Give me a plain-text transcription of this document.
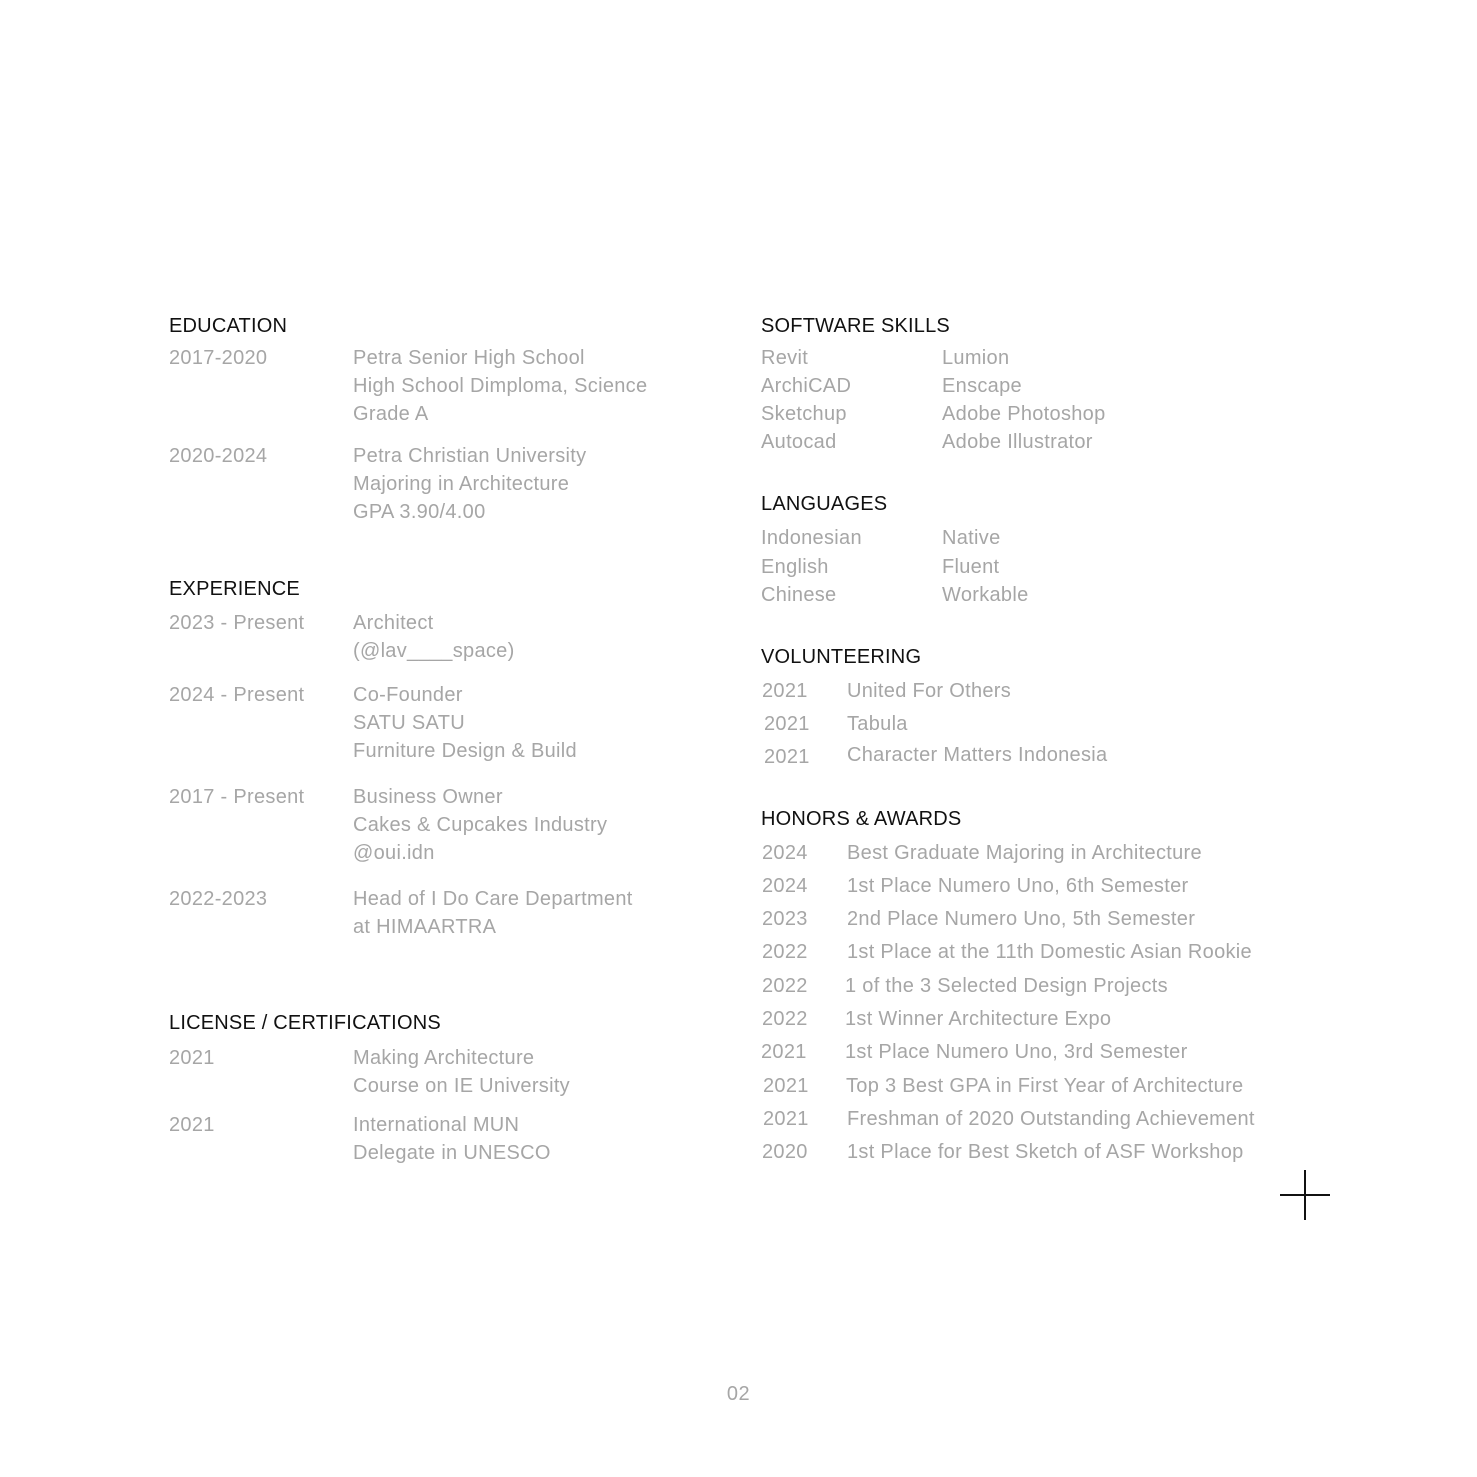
EDUCATION
2017-2020	Petra Senior High School
High School Dimploma, Science
Grade A
2020-2024	Petra Christian University
Majoring in Architecture
GPA 3.90/4.00
EXPERIENCE
2023 - Present Architect
(@lav____space)
2024 - Present Co-Founder
SATU SATU
Furniture Design & Build
2017 - Present Business Owner
Cakes & Cupcakes Industry
@oui.idn
2022-2023	Head of I Do Care Department
at HIMAARTRA
LICENSE / CERTIFICATIONS
2021	Making Architecture
Course on IE University
2021	International MUN
Delegate in UNESCO
SOFTWARE SKILLS
Revit	Lumion
ArchiCAD	Enscape
Sketchup	Adobe Photoshop
Autocad	Adobe Illustrator
LANGUAGES
Indonesian	Native
English	Fluent
Chinese	Workable
VOLUNTEERING
2021 United For Others
2021 Tabula
2021 Character Matters Indonesia
HONORS & AWARDS
2024 Best Graduate Majoring in Architecture
2024 1st Place Numero Uno, 6th Semester
2023 2nd Place Numero Uno, 5th Semester
2022 1st Place at the 11th Domestic Asian Rookie
2022 1 of the 3 Selected Design Projects
2022 1st Winner Architecture Expo
2021 1st Place Numero Uno, 3rd Semester
2021 Top 3 Best GPA in First Year of Architecture
2021 Freshman of 2020 Outstanding Achievement
2020 1st Place for Best Sketch of ASF Workshop
02
